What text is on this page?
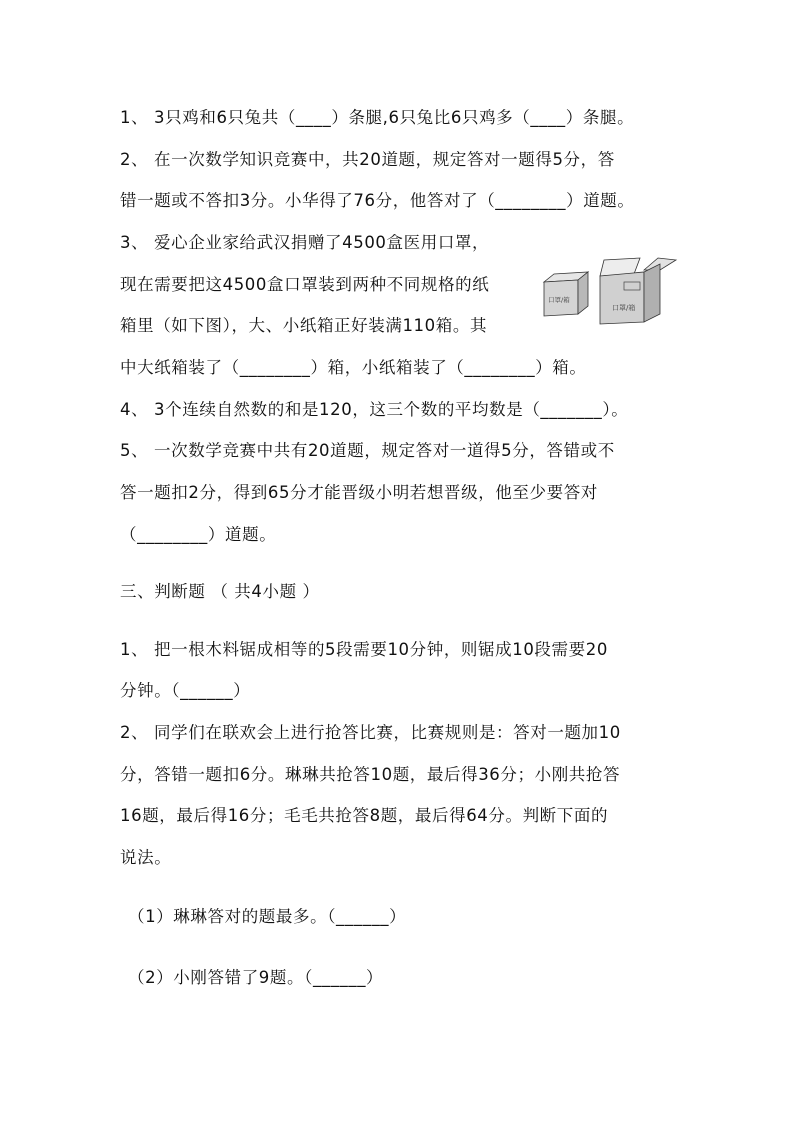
1、 3只鸡和6只兔共（____）条腿,6只兔比6只鸡多（____）条腿。
2、 在一次数学知识竞赛中，共20道题，规定答对一题得5分，答
错一题或不答扣3分。小华得了76分，他答对了（________）道题。
3、 爱心企业家给武汉捐赠了4500盒医用口罩，
现在需要把这4500盒口罩装到两种不同规格的纸
箱里（如下图），大、小纸箱正好装满110箱。其
中大纸箱装了（________）箱，小纸箱装了（________）箱。
口罩/箱
口罩/箱
4、 3个连续自然数的和是120，这三个数的平均数是（_______）。
5、 一次数学竞赛中共有20道题，规定答对一道得5分，答错或不
答一题扣2分，得到65分才能晋级小明若想晋级，他至少要答对
（________）道题。
三、判断题 （ 共4小题 ）
1、 把一根木料锯成相等的5段需要10分钟，则锯成10段需要20
分钟。（______）
2、 同学们在联欢会上进行抢答比赛，比赛规则是：答对一题加10
分，答错一题扣6分。琳琳共抢答10题，最后得36分；小刚共抢答
16题，最后得16分；毛毛共抢答8题，最后得64分。判断下面的
说法。
（1）琳琳答对的题最多。（______）
（2）小刚答错了9题。（______）
